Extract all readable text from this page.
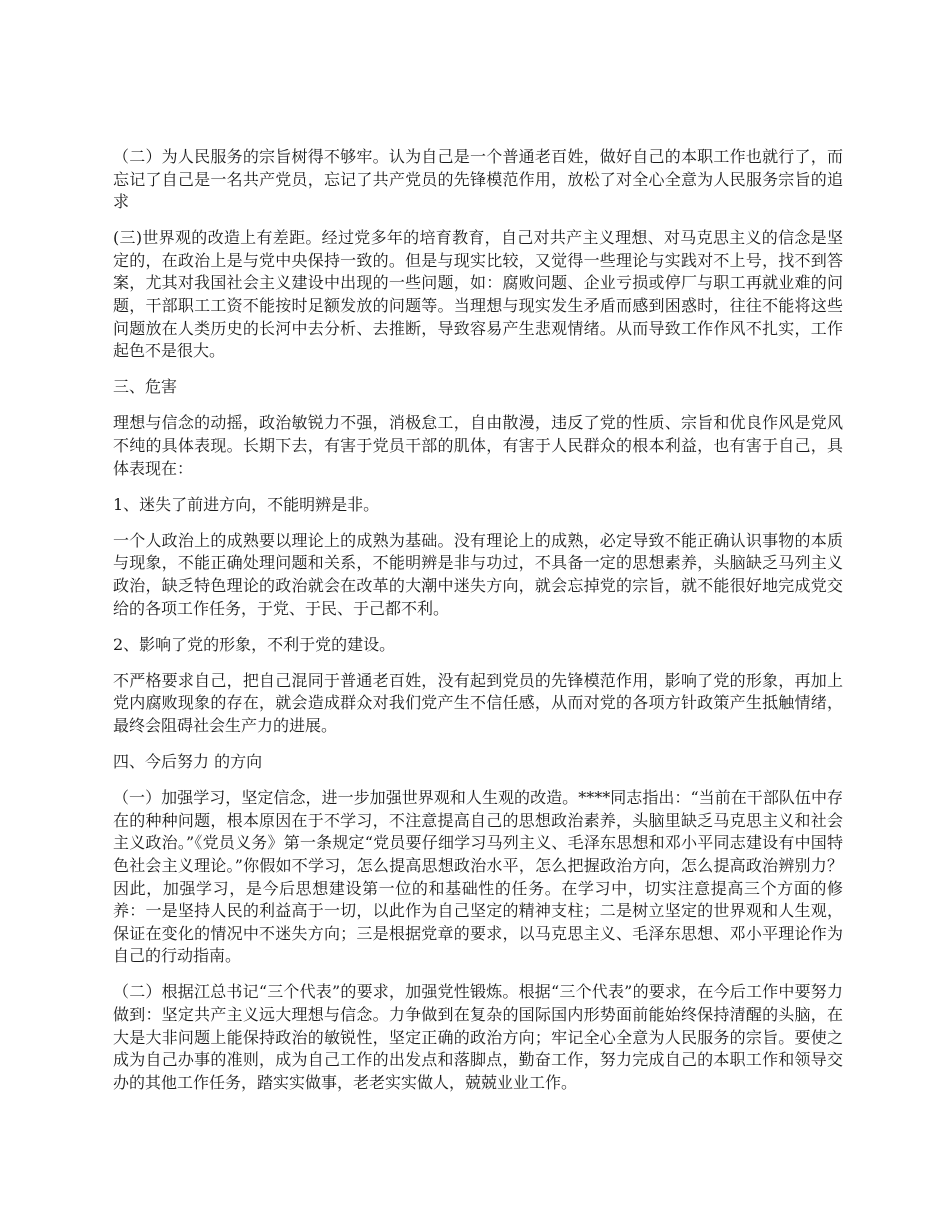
（二）为人民服务的宗旨树得不够牢。认为自己是一个普通老百姓，做好自己的本职工作也就行了，而忘记了自己是一名共产党员，忘记了共产党员的先锋模范作用，放松了对全心全意为人民服务宗旨的追求

(三)世界观的改造上有差距。经过党多年的培育教育，自己对共产主义理想、对马克思主义的信念是坚定的，在政治上是与党中央保持一致的。但是与现实比较，又觉得一些理论与实践对不上号，找不到答案，尤其对我国社会主义建设中出现的一些问题，如：腐败问题、企业亏损或停厂与职工再就业难的问题，干部职工工资不能按时足额发放的问题等。当理想与现实发生矛盾而感到困惑时，往往不能将这些问题放在人类历史的长河中去分析、去推断，导致容易产生悲观情绪。从而导致工作作风不扎实，工作起色不是很大。

三、危害

理想与信念的动摇，政治敏锐力不强，消极怠工，自由散漫，违反了党的性质、宗旨和优良作风是党风不纯的具体表现。长期下去，有害于党员干部的肌体，有害于人民群众的根本利益，也有害于自己，具体表现在：

1、迷失了前进方向，不能明辨是非。

一个人政治上的成熟要以理论上的成熟为基础。没有理论上的成熟，必定导致不能正确认识事物的本质与现象，不能正确处理问题和关系，不能明辨是非与功过，不具备一定的思想素养，头脑缺乏马列主义政治，缺乏特色理论的政治就会在改革的大潮中迷失方向，就会忘掉党的宗旨，就不能很好地完成党交给的各项工作任务，于党、于民、于己都不利。

2、影响了党的形象，不利于党的建设。

不严格要求自己，把自己混同于普通老百姓，没有起到党员的先锋模范作用，影响了党的形象，再加上党内腐败现象的存在，就会造成群众对我们党产生不信任感，从而对党的各项方针政策产生抵触情绪，最终会阻碍社会生产力的进展。

四、今后努力 的方向

（一）加强学习，坚定信念，进一步加强世界观和人生观的改造。****同志指出：“当前在干部队伍中存在的种种问题，根本原因在于不学习，不注意提高自己的思想政治素养，头脑里缺乏马克思主义和社会主义政治。”《党员义务》第一条规定“党员要仔细学习马列主义、毛泽东思想和邓小平同志建设有中国特色社会主义理论。”你假如不学习，怎么提高思想政治水平，怎么把握政治方向，怎么提高政治辨别力？因此，加强学习，是今后思想建设第一位的和基础性的任务。在学习中，切实注意提高三个方面的修养：一是坚持人民的利益高于一切，以此作为自己坚定的精神支柱；二是树立坚定的世界观和人生观，保证在变化的情况中不迷失方向；三是根据党章的要求，以马克思主义、毛泽东思想、邓小平理论作为自己的行动指南。

（二）根据江总书记“三个代表”的要求，加强党性锻炼。根据“三个代表”的要求，在今后工作中要努力做到：坚定共产主义远大理想与信念。力争做到在复杂的国际国内形势面前能始终保持清醒的头脑，在大是大非问题上能保持政治的敏锐性，坚定正确的政治方向；牢记全心全意为人民服务的宗旨。要使之成为自己办事的准则，成为自己工作的出发点和落脚点，勤奋工作，努力完成自己的本职工作和领导交办的其他工作任务，踏实实做事，老老实实做人，兢兢业业工作。
